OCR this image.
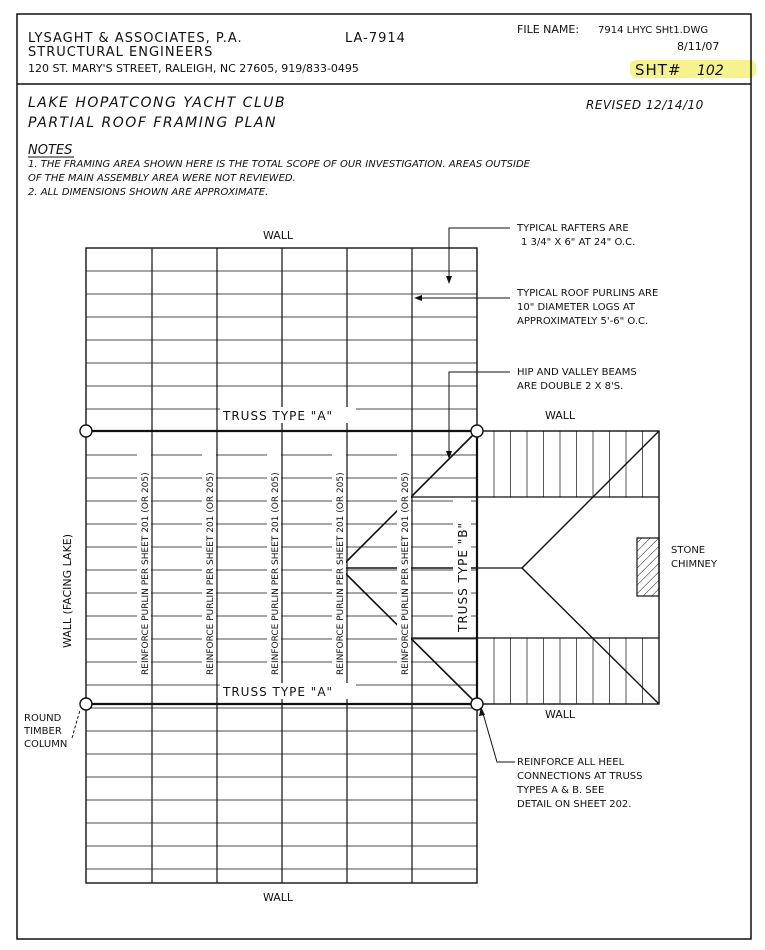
LYSAGHT & ASSOCIATES, P.A.
STRUCTURAL ENGINEERS
120 ST. MARY'S STREET, RALEIGH, NC 27605, 919/833-0495
LA-7914
FILE NAME: 7914 LHYC SHt1.DWG
8/11/07
SHT# 102
LAKE HOPATCONG YACHT CLUB
PARTIAL ROOF FRAMING PLAN
REVISED 12/14/10
NOTES
1. THE FRAMING AREA SHOWN HERE IS THE TOTAL SCOPE OF OUR INVESTIGATION. AREAS OUTSIDE
OF THE MAIN ASSEMBLY AREA WERE NOT REVIEWED.
2. ALL DIMENSIONS SHOWN ARE APPROXIMATE.
WALL
WALL
WALL
WALL
WALL (FACING LAKE)
TRUSS TYPE "A"
TRUSS TYPE "A"
TRUSS TYPE "B"
REINFORCE PURLIN PER SHEET 201 (OR 205)	REINFORCE PURLIN PER SHEET 201 (OR 205)	REINFORCE PURLIN PER SHEET 201 (OR 205)	REINFORCE PURLIN PER SHEET 201 (OR 205)	REINFORCE PURLIN PER SHEET 201 (OR 205)	STONE
CHIMNEY
ROUND
TIMBER
COLUMN
TYPICAL RAFTERS ARE
1 3/4" X 6" AT 24" O.C.
TYPICAL ROOF PURLINS ARE
10" DIAMETER LOGS AT
APPROXIMATELY 5'-6" O.C.
HIP AND VALLEY BEAMS
ARE DOUBLE 2 X 8'S.
REINFORCE ALL HEEL
CONNECTIONS AT TRUSS
TYPES A & B. SEE
DETAIL ON SHEET 202.
